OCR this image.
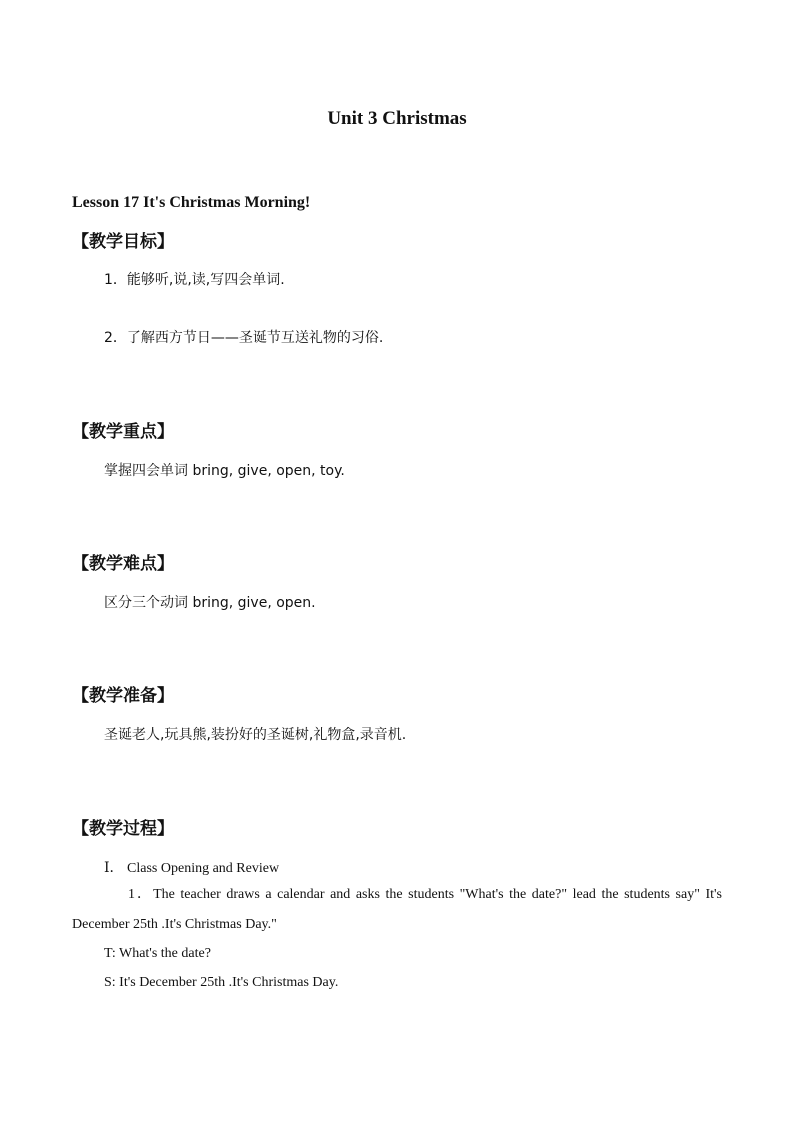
Unit 3 Christmas
Lesson 17 It's Christmas Morning!
【教学目标】
1．能够听,说,读,写四会单词.
2．了解西方节日——圣诞节互送礼物的习俗.
【教学重点】
掌握四会单词 bring, give, open, toy.
【教学难点】
区分三个动词 bring, give, open.
【教学准备】
圣诞老人,玩具熊,装扮好的圣诞树,礼物盒,录音机.
【教学过程】
Ⅰ． Class Opening and Review
1．The teacher draws a calendar and asks the students "What's the date?" lead the students say" It's December 25th .It's Christmas Day."
T: What's the date?
S: It's December 25th .It's Christmas Day.
